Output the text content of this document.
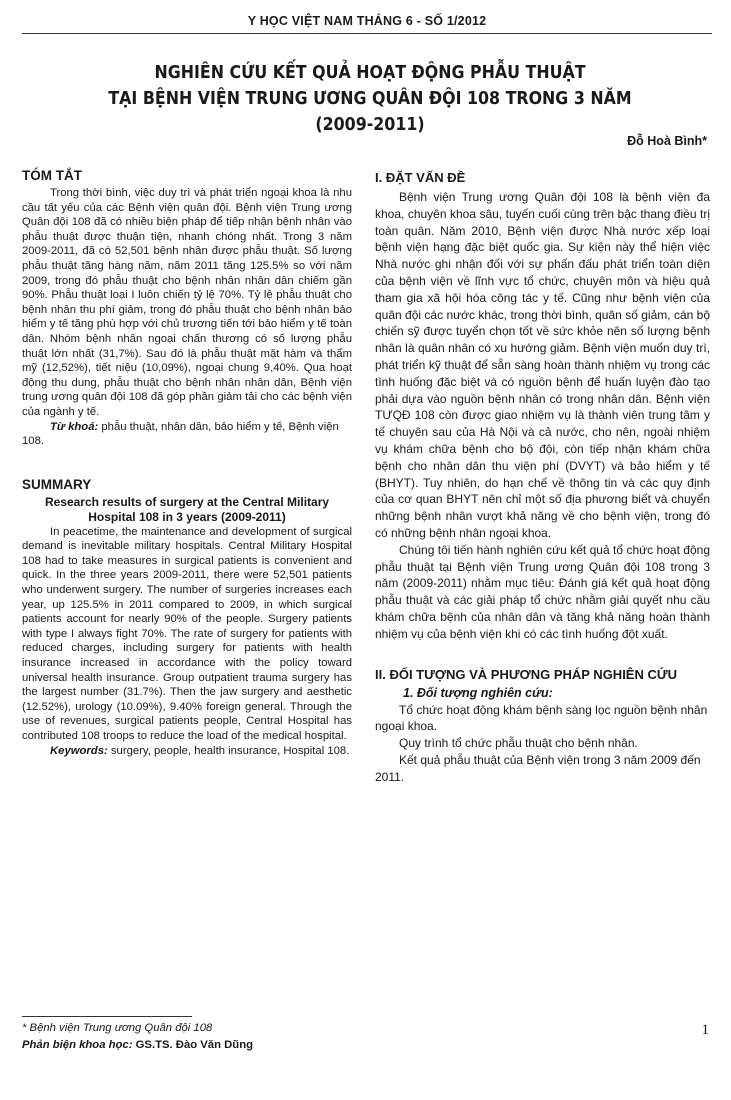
Y HỌC VIỆT NAM THÁNG 6 - SỐ 1/2012
NGHIÊN CỨU KẾT QUẢ HOẠT ĐỘNG PHẪU THUẬT
TẠI BỆNH VIỆN TRUNG ƯƠNG QUÂN ĐỘI 108 TRONG 3 NĂM (2009-2011)
Đỗ Hoà Bình*
TÓM TẮT

Trong thời bình, việc duy trì và phát triển ngoại khoa là nhu cầu tất yếu của các Bệnh viện quân đội. Bệnh viện Trung ương Quân đội 108 đã có nhiều biện pháp để tiếp nhận bệnh nhân vào phẫu thuật được thuận tiện, nhanh chóng nhất. Trong 3 năm 2009-2011, đã có 52,501 bệnh nhân được phẫu thuật. Số lượng phẫu thuật tăng hàng năm, năm 2011 tăng 125.5% so với năm 2009, trong đó phẫu thuật cho bệnh nhân nhân dân chiếm gần 90%. Phẫu thuật loại I luôn chiến tỷ lệ 70%. Tỷ lệ phẫu thuật cho bệnh nhân thu phí giảm, trong đó phẫu thuật cho bệnh nhân bảo hiểm y tế tăng phù hợp với chủ trương tiến tới bảo hiểm y tế toàn dân. Nhóm bệnh nhân ngoại chấn thương có số lượng phẫu thuật lớn nhất (31,7%). Sau đó là phẫu thuật mặt hàm và thẩm mỹ (12,52%), tiết niệu (10,09%), ngoại chung 9,40%. Qua hoạt động thu dung, phẫu thuật cho bệnh nhân nhân dân, Bệnh viện trung ương quân đội 108 đã góp phần giảm tải cho các bệnh viện của ngành y tế.

Từ khoá: phẫu thuật, nhân dân, bảo hiểm y tế, Bệnh viện 108.

SUMMARY
Research results of surgery at the Central Military Hospital 108 in 3 years (2009-2011)

In peacetime, the maintenance and development of surgical demand is inevitable military hospitals. Central Military Hospital 108 had to take measures in surgical patients is convenient and quick. In the three years 2009-2011, there were 52,501 patients who underwent surgery. The number of surgeries increases each year, up 125.5% in 2011 compared to 2009, in which surgical patients account for nearly 90% of the people. Surgery patients with type I always fight 70%. The rate of surgery for patients with reduced charges, including surgery for patients with health insurance increased in accordance with the policy toward universal health insurance. Group outpatient trauma surgery has the largest number (31.7%). Then the jaw surgery and aesthetic (12.52%), urology (10.09%), 9.40% foreign general. Through the use of revenues, surgical patients people, Central Hospital has contributed 108 troops to reduce the load of the medical hospital.

Keywords: surgery, people, health insurance, Hospital 108.

I. ĐẶT VẤN ĐỀ

Bệnh viện Trung ương Quân đội 108 là bệnh viện đa khoa, chuyên khoa sâu, tuyến cuối cùng trên bậc thang điều trị toàn quân. Năm 2010, Bệnh viện được Nhà nước xếp loại bệnh viện hạng đặc biệt quốc gia. Sự kiện này thể hiện việc Nhà nước ghi nhận đối với sự phấn đấu phát triển toàn diện của bệnh viện về lĩnh vực tổ chức, chuyên môn và hiệu quả tham gia xã hội hóa công tác y tế. Cũng như bệnh viện của quân đội các nước khác, trong thời bình, quân số giảm, cán bộ chiến sỹ được tuyển chọn tốt về sức khỏe nên số lượng bệnh nhân là quân nhân có xu hướng giảm. Bệnh viện muốn duy trì, phát triển kỹ thuật để sẵn sàng hoàn thành nhiệm vụ trong các tình huống đặc biệt và có nguồn bệnh để huấn luyện đào tạo phải dựa vào nguồn bệnh nhân có trong nhân dân. Bệnh viện TƯQĐ 108 còn được giao nhiệm vụ là thành viên trung tâm y tế chuyên sau của Hà Nội và cả nước, cho nên, ngoài nhiệm vụ khám chữa bệnh cho bộ đội, còn tiếp nhận khám chữa bệnh cho nhân dân thu viện phí (DVYT) và bảo hiểm y tế (BHYT). Tuy nhiên, do hạn chế về thông tin và các quy định của cơ quan BHYT nên chỉ một số địa phương biết và chuyển những bệnh nhân vượt khả năng về cho bệnh viện, trong đó có những bệnh nhân ngoại khoa.

Chúng tôi tiến hành nghiên cứu kết quả tổ chức hoạt động phẫu thuật tại Bệnh viện Trung ương Quân đội 108 trong 3 năm (2009-2011) nhằm mục tiêu: Đánh giá kết quả hoạt động phẫu thuật và các giải pháp tổ chức nhằm giải quyết nhu cầu khám chữa bệnh của nhân dân và tăng khả năng hoàn thành nhiệm vụ của bệnh viện khi có các tình huống đột xuất.

II. ĐỐI TƯỢNG VÀ PHƯƠNG PHÁP NGHIÊN CỨU
1. Đối tượng nghiên cứu:

Tổ chức hoạt động khám bệnh sàng lọc nguồn bệnh nhân ngoại khoa.

Quy trình tổ chức phẫu thuật cho bệnh nhân.

Kết quả phẫu thuật của Bệnh viện trong 3 năm 2009 đến 2011.

* Bệnh viện Trung ương Quân đội 108
Phản biện khoa học: GS.TS. Đào Văn Dũng
1
